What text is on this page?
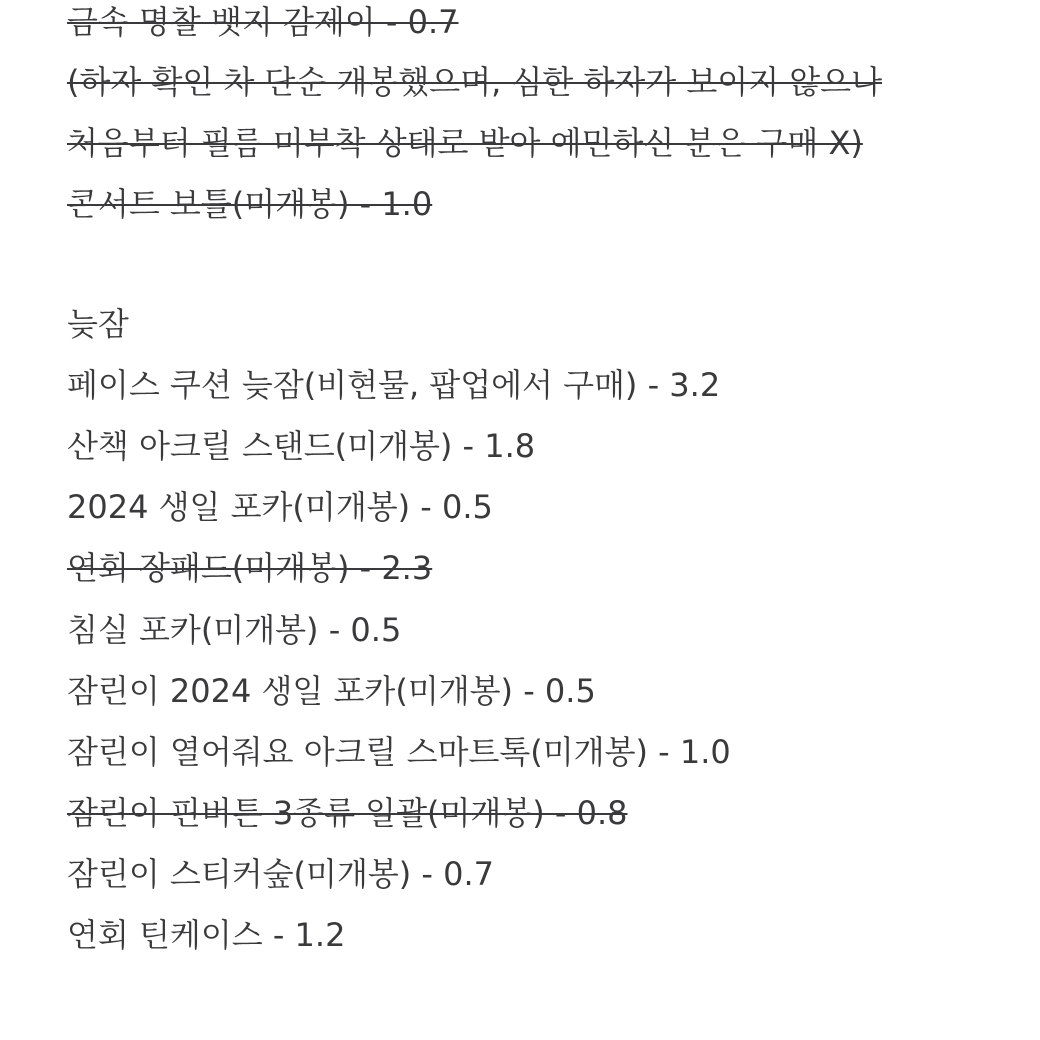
금속 명찰 뱃지 감제이 - 0.7
(하자 확인 차 단순 개봉했으며, 심한 하자가 보이지 않으나
처음부터 필름 미부착 상태로 받아 예민하신 분은 구매 X)
콘서트 보틀(미개봉) - 1.0
늦잠
페이스 쿠션 늦잠(비현물, 팝업에서 구매) - 3.2
산책 아크릴 스탠드(미개봉) - 1.8
2024 생일 포카(미개봉) - 0.5
연회 장패드(미개봉) - 2.3
침실 포카(미개봉) - 0.5
잠린이 2024 생일 포카(미개봉) - 0.5
잠린이 열어줘요 아크릴 스마트톡(미개봉) - 1.0
잠린이 핀버튼 3종류 일괄(미개봉) - 0.8
잠린이 스티커숲(미개봉) - 0.7
연회 틴케이스 - 1.2
